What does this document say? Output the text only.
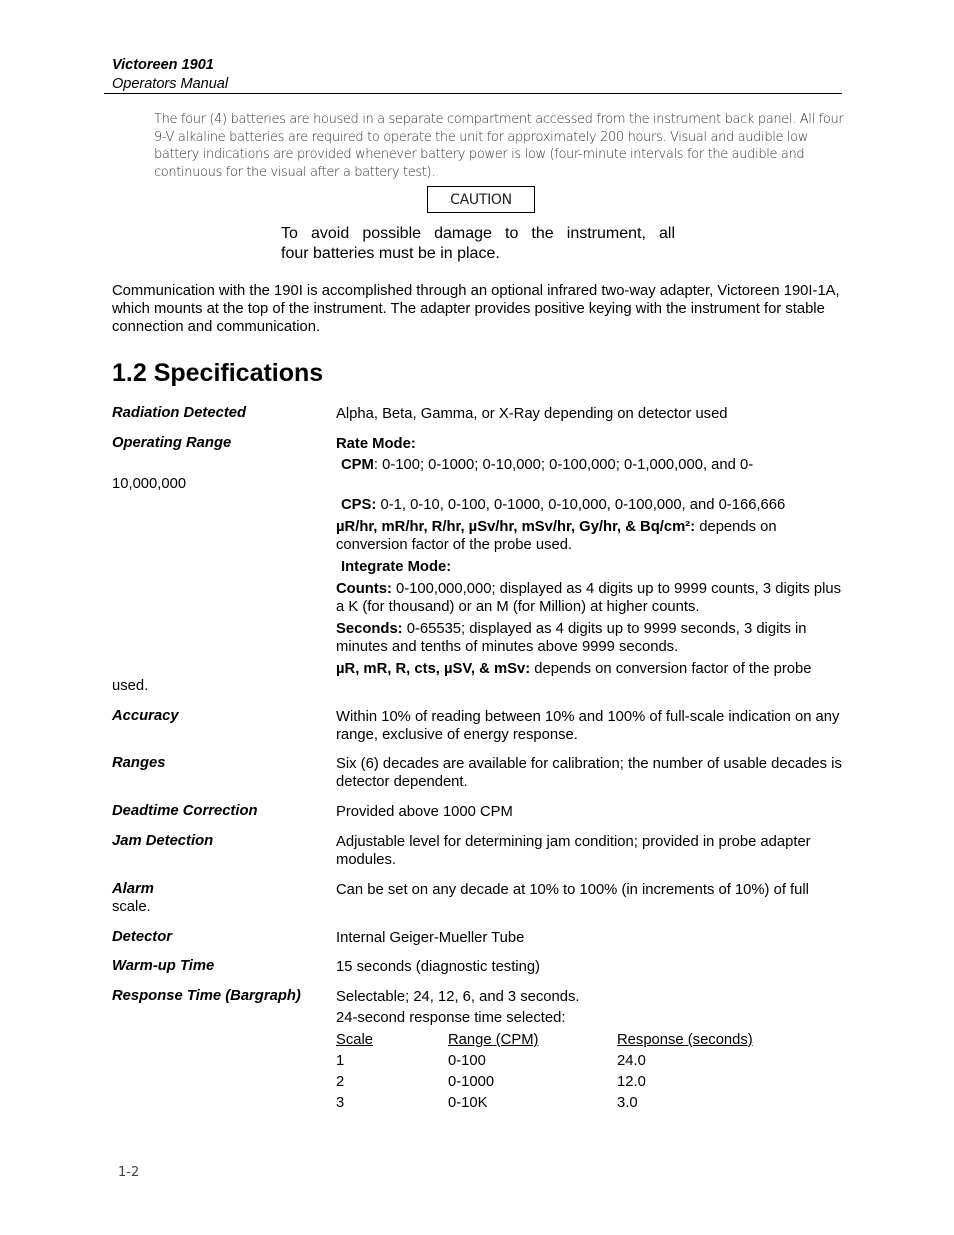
Victoreen 1901
Operators Manual
The four (4) batteries are housed in a separate compartment accessed from the instrument back panel. All four 9-V alkaline batteries are required to operate the unit for approximately 200 hours. Visual and audible low battery indications are provided whenever battery power is low (four-minute intervals for the audible and continuous for the visual after a battery test).
CAUTION
To avoid possible damage to the instrument, all
four batteries must be in place.
Communication with the 190I is accomplished through an optional infrared two-way adapter, Victoreen 190I-1A, which mounts at the top of the instrument. The adapter provides positive keying with the instrument for stable connection and communication.
1.2 Specifications
Radiation Detected	Alpha, Beta, Gamma, or X-Ray depending on detector used
Operating Range	Rate Mode:
CPM: 0-100; 0-1000; 0-10,000; 0-100,000; 0-1,000,000, and 0-
10,000,000
CPS: 0-1, 0-10, 0-100, 0-1000, 0-10,000, 0-100,000, and 0-166,666
µR/hr, mR/hr, R/hr, µSv/hr, mSv/hr, Gy/hr, & Bq/cm²: depends on conversion factor of the probe used.
Integrate Mode:
Counts: 0-100,000,000; displayed as 4 digits up to 9999 counts, 3 digits plus a K (for thousand) or an M (for Million) at higher counts.
Seconds: 0-65535; displayed as 4 digits up to 9999 seconds, 3 digits in minutes and tenths of minutes above 9999 seconds.
µR, mR, R, cts, µSV, & mSv: depends on conversion factor of the probe
used.
Accuracy	Within 10% of reading between 10% and 100% of full-scale indication on any range, exclusive of energy response.
Ranges	Six (6) decades are available for calibration; the number of usable decades is detector dependent.
Deadtime Correction	Provided above 1000 CPM
Jam Detection	Adjustable level for determining jam condition; provided in probe adapter modules.
Alarm	Can be set on any decade at 10% to 100% (in increments of 10%) of full
scale.
Detector	Internal Geiger-Mueller Tube
Warm-up Time	15 seconds (diagnostic testing)
Response Time (Bargraph) Selectable; 24, 12, 6, and 3 seconds.
24-second response time selected:
Scale	Range (CPM)	Response (seconds)
1	0-100	24.0
2	0-1000	12.0
3	0-10K	3.0
1-2
